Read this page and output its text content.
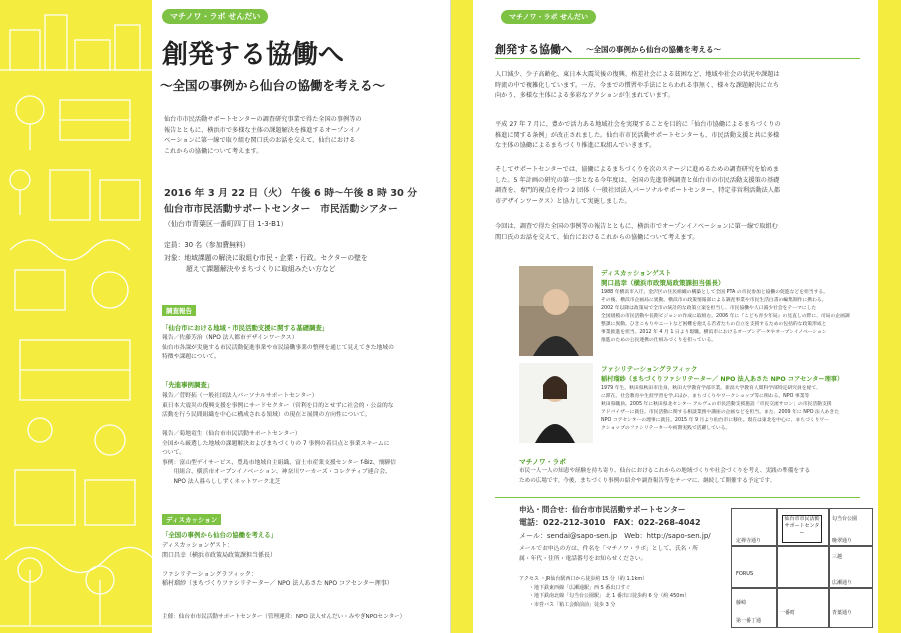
マチノワ・ラボ せんだい
創発する協働へ
〜全国の事例から仙台の協働を考える〜
仙台市市民活動サポートセンターの調査研究事業で得た全国の事例等の
報告とともに、横浜市で多様な主体の課題解決を推進するオープンイノ
ベーションに第一線で取り組む関口氏のお話を交えて、仙台における
これからの協働について考えます。
2016 年 3 月 22 日（火） 午後 6 時〜午後 8 時 30 分
仙台市市民活動サポートセンター　市民活動シアター
（仙台市青葉区一番町四丁目 1-3-B1）
定員：30 名（参加費無料）
対象：地域課題の解決に取組む市民・企業・行政。セクターの壁を
超えて課題解決やまちづくりに取組みたい方など
調査報告
「仙台市における地域・市民活動支援に関する基礎調査」
報告／佐藤芳治（NPO 法人都市デザインワークス）
仙台市各課が実施する市民活動促進事業や市民協働事業の整理を通じて見えてきた地域の
特徴や課題について。
「先進事例調査」
報告／菅野拓（一般社団法人パーソナルサポートセンター）
東日本大震災の復興支援を事例にサードセクター（営利を目的とせずに社会的・公益的な
活動を行う民間組織を中心に構成される領域）の現在と展開の方向性について。

報告／菊地竜生（仙台市市民活動サポートセンター）
全国から厳選した地域の課題解決およびまちづくりの 7 事例の着目点と事業スキームに
ついて。
事例：富山型デイサービス、豊島市地域自主組織、富士市産業支援センター f-Biz、飛騨信
　　用組合、横浜市オープンイノベーション、神奈川ワーカーズ・コレクティブ連合会、
　　NPO 法人暮らししずくネットワーク北芝
ディスカッション
「全国の事例から仙台の協働を考える」
ディスカッションゲスト：
関口昌幸（横浜市政策局政策課担当係長）

ファシリテーショングラフィック：
稲村瑠紗（まちづくりファシリテーター／ NPO 法人あさた NPO コアセンター理事）
主催：仙台市市民活動サポートセンター（管理運営：NPO 法人せんだい・みやぎNPOセンター）
マチノワ・ラボ せんだい
創発する協働へ 〜全国の事例から仙台の協働を考える〜
人口減少、少子高齢化、東日本大震災後の復興、格差社会による貧困など、地域や社会の状況や課題は
時流の中で複雑化しています。一方、今までの慣習や手法にとらわれる事無く、様々な課題解決に立ち
向かう、多様な主体による多彩なアクションが生まれています。
平成 27 年 7 月に、豊かで活力ある地域社会を実現することを目的に「仙台市協働によるまちづくりの
推進に関する条例」が改正されました。仙台市市民活動サポートセンターも、市民活動支援と共に多様
な主体の協働によるまちづくり推進に取組んでいきます。
そしてサポートセンターでは、協働によるまちづくりを次のステージに進めるための調査研究を始めま
した。5 年計画の研究の第一歩となる今年度は、全国の先進事例調査と仙台市の市民活動支援策の基礎
調査を、専門的視点を持つ 2 団体（一般社団法人パーソナルサポートセンター、特定非営利活動法人都
市デザインワークス）と協力して実施しました。
今回は、調査で得た全国の事例等の報告とともに、横浜市でオープンイノベーションに第一線で取組む
関口氏のお話を交えて、仙台におけるこれからの協働について考えます。
ディスカッションゲスト
関口昌幸（横浜市政策局政策課担当係長）
1988 年横浜市入庁。金沢区の住民組織の構築として全国 PTA の市民参加と協働の促進などを担当する。
その後、横浜市企画局に異動。横浜市の政策情報部による調査事業や市民生活白書の編集制作に携わる。
2002 年以降は政策局で全市の統計的な政策立案を担当し、市民協働や人口減少社会をテーマにした
全国規模の市民活動や長期ビジョンの作成に取組む。2006 年に『こども青少年局』の見直しの際に、司局の企画調
整課に異動。ひきこもりやニートなど困難を抱える若者たちの自立を支援するための包括的な政策形成と
事業推進を担当。2012 年 4 月 1 日より現職。横浜市におけるオープンデータやオープンイノベーション
推進のための公民連携の仕組みづくりを担っている。
ファシリテーショングラフィック
稲村瑠紗（まちづくりファシリテーター／ NPO 法人あさた NPO コアセンター理事）
1979 年生。秋田県秋田市出身。秋田大学教育学部卒業。新潟大学教育人間科学部特定研究員を経て、
に滞在。社会教育や生涯学習を学ぶほか、まちづくりやワークショップ等に関わる。NPO 事業等
秋田県職員。2005 年に秋田県北センター アルヴェの市民活動支援施設「市民交流サロン」の市民活動支援
アドバイザーに就任。市民活動に関する相談業務や講座の企画などを担当。また、2009 年に NPO 法人あきた
NPO コアセンターの理事に就任。2015 年 9 月より仙台市に移住。現在は東北を中心に、まちづくりワー
クショップのファシリテーターや初期実践で活躍している。
マチノワ・ラボ
市民一人一人の知恵や経験を持ち寄り、仙台におけるこれからの地域づくりや社会づくりを考え、実践の準備をする
ための広場です。今後、まちづくり事例の紹介や調査報告等をテーマに、継続して開催する予定です。
申込・問合せ：仙台市市民活動サポートセンター
電話：022-212-3010　FAX：022-268-4042
メール：sendai@sapo-sen.jp　Web：http://sapo-sen.jp/
メールでお申込の方は、件名を「マチノワ・ラボ」として、氏名・所
属・年代・住所・電話番号をお知らせください。
アクセス ・JR仙台駅西口から徒歩約 15 分（約 1.1km）
　　・地下鉄東西線「広瀬通駅」西 5 番出口すぐ
　　・地下鉄南北線「勾当台公園駅」 北 1 番出口徒歩約 6 分（約 450m）
　　・市営バス「箱工会館前前」徒歩 3 分
仙台市市民活動サポートセンター
晩翠通り
広瀬通り
一番町
FORUS
藤崎
三越
定禅寺通り
勾当台公園
青葉通り
第一番丁通
